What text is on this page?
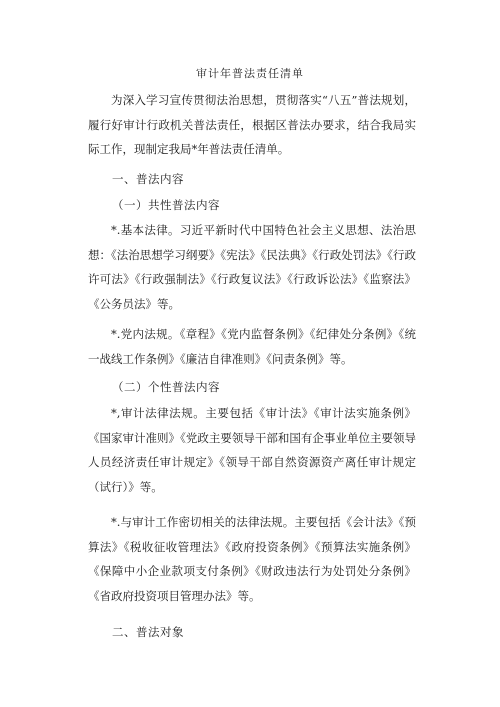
审计年普法责任清单
为深入学习宣传贯彻法治思想，贯彻落实“八五”普法规划，履行好审计行政机关普法责任，根据区普法办要求，结合我局实际工作，现制定我局*年普法责任清单。
一、普法内容
（一）共性普法内容
*.基本法律。习近平新时代中国特色社会主义思想、法治思想：《法治思想学习纲要》《宪法》《民法典》《行政处罚法》《行政许可法》《行政强制法》《行政复议法》《行政诉讼法》《监察法》《公务员法》等。
*.党内法规。《章程》《党内监督条例》《纪律处分条例》《统一战线工作条例》《廉洁自律准则》《问责条例》等。
（二）个性普法内容
*,审计法律法规。主要包括《审计法》《审计法实施条例》《国家审计准则》《党政主要领导干部和国有企事业单位主要领导人员经济责任审计规定》《领导干部自然资源资产离任审计规定（试行）》等。
*.与审计工作密切相关的法律法规。主要包括《会计法》《预算法》《税收征收管理法》《政府投资条例》《预算法实施条例》《保障中小企业款项支付条例》《财政违法行为处罚处分条例》《省政府投资项目管理办法》等。
二、普法对象
